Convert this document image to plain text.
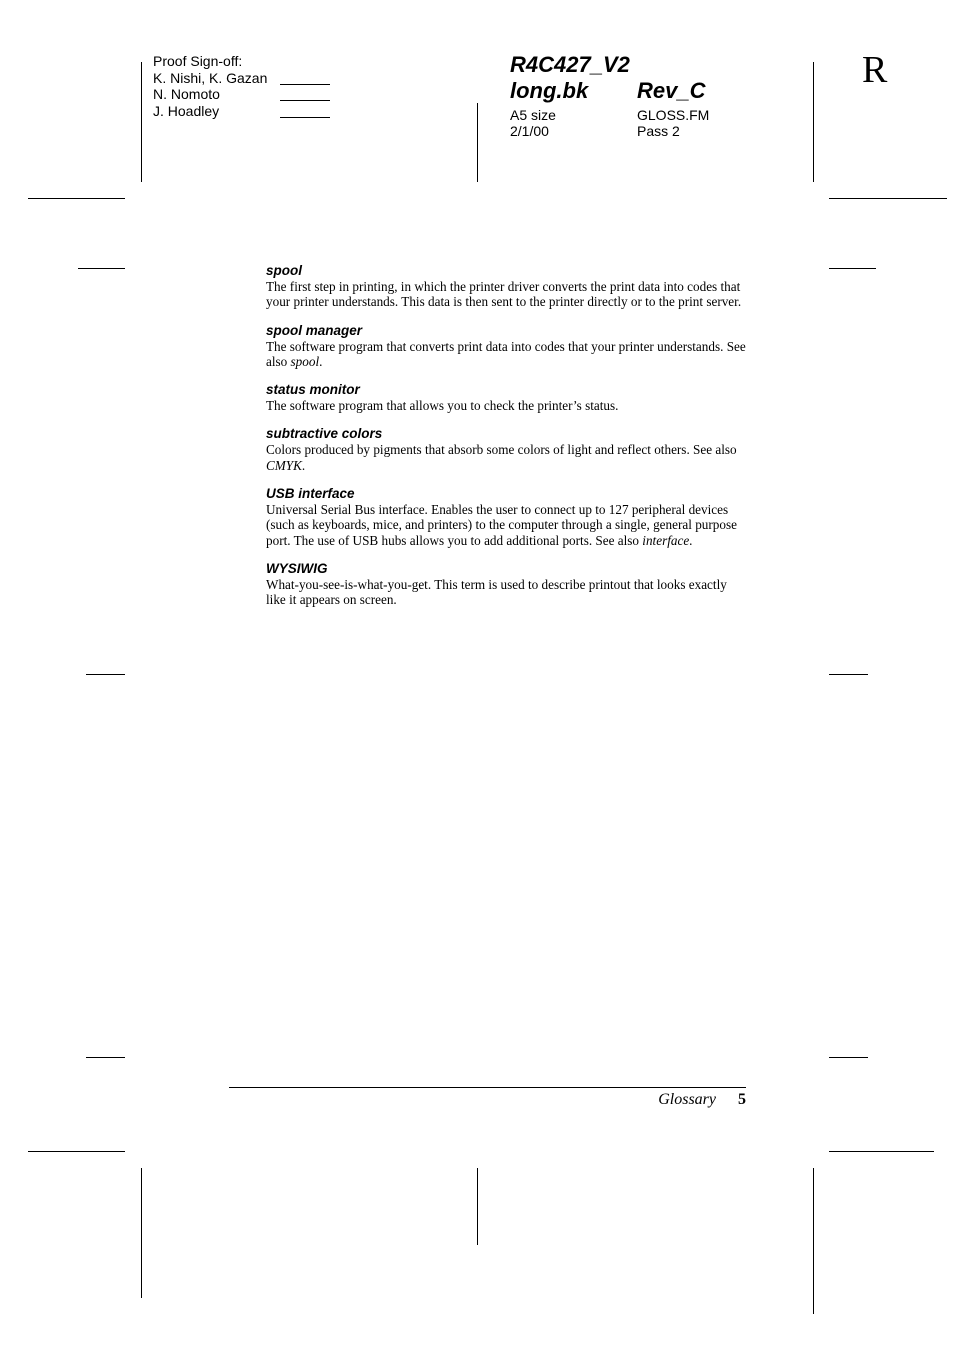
Proof Sign-off:
K. Nishi, K. Gazan
N. Nomoto
J. Hoadley
R4C427_V2
long.bk Rev_C
A5 size
2/1/00
GLOSS.FM
Pass 2
R
spool
The first step in printing, in which the printer driver converts the print data into codes that your printer understands. This data is then sent to the printer directly or to the print server.
spool manager
The software program that converts print data into codes that your printer understands. See also spool.
status monitor
The software program that allows you to check the printer’s status.
subtractive colors
Colors produced by pigments that absorb some colors of light and reflect others. See also CMYK.
USB interface
Universal Serial Bus interface. Enables the user to connect up to 127 peripheral devices (such as keyboards, mice, and printers) to the computer through a single, general purpose port. The use of USB hubs allows you to add additional ports. See also interface.
WYSIWIG
What-you-see-is-what-you-get. This term is used to describe printout that looks exactly like it appears on screen.
Glossary 5
